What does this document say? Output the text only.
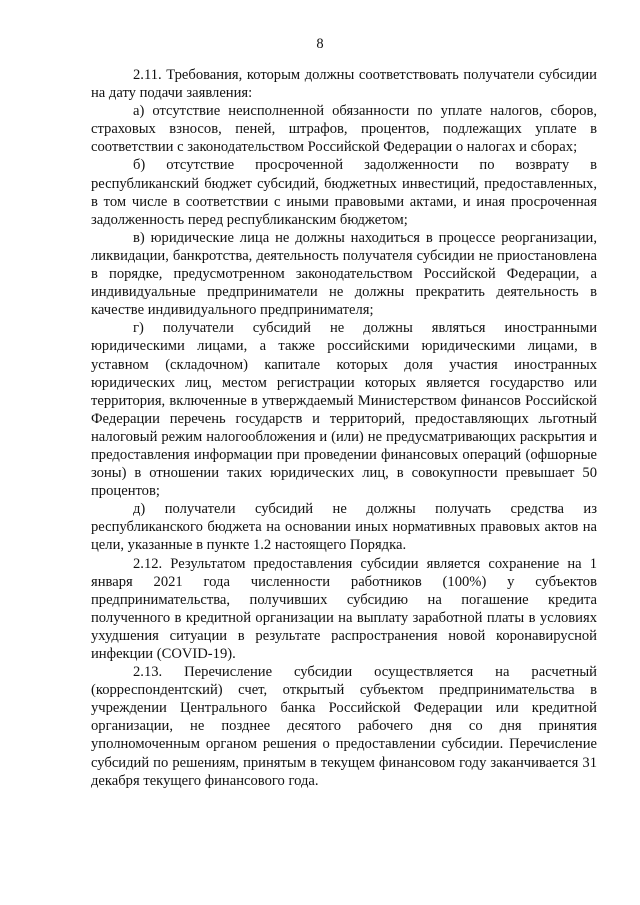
8

2.11. Требования, которым должны соответствовать получатели субсидии на дату подачи заявления:

а) отсутствие неисполненной обязанности по уплате налогов, сборов, страховых взносов, пеней, штрафов, процентов, подлежащих уплате в соответствии с законодательством Российской Федерации о налогах и сборах;

б) отсутствие просроченной задолженности по возврату в республиканский бюджет субсидий, бюджетных инвестиций, предоставленных, в том числе в соответствии с иными правовыми актами, и иная просроченная задолженность перед республиканским бюджетом;

в) юридические лица не должны находиться в процессе реорганизации, ликвидации, банкротства, деятельность получателя субсидии не приостановлена в порядке, предусмотренном законодательством Российской Федерации, а индивидуальные предприниматели не должны прекратить деятельность в качестве индивидуального предпринимателя;

г) получатели субсидий не должны являться иностранными юридическими лицами, а также российскими юридическими лицами, в уставном (складочном) капитале которых доля участия иностранных юридических лиц, местом регистрации которых является государство или территория, включенные в утверждаемый Министерством финансов Российской Федерации перечень государств и территорий, предоставляющих льготный налоговый режим налогообложения и (или) не предусматривающих раскрытия и предоставления информации при проведении финансовых операций (офшорные зоны) в отношении таких юридических лиц, в совокупности превышает 50 процентов;

д) получатели субсидий не должны получать средства из республиканского бюджета на основании иных нормативных правовых актов на цели, указанные в пункте 1.2 настоящего Порядка.

2.12. Результатом предоставления субсидии является сохранение на 1 января 2021 года численности работников (100%) у субъектов предпринимательства, получивших субсидию на погашение кредита полученного в кредитной организации на выплату заработной платы в условиях ухудшения ситуации в результате распространения новой коронавирусной инфекции (COVID-19).

2.13. Перечисление субсидии осуществляется на расчетный (корреспондентский) счет, открытый субъектом предпринимательства в учреждении Центрального банка Российской Федерации или кредитной организации, не позднее десятого рабочего дня со дня принятия уполномоченным органом решения о предоставлении субсидии. Перечисление субсидий по решениям, принятым в текущем финансовом году заканчивается 31 декабря текущего финансового года.
